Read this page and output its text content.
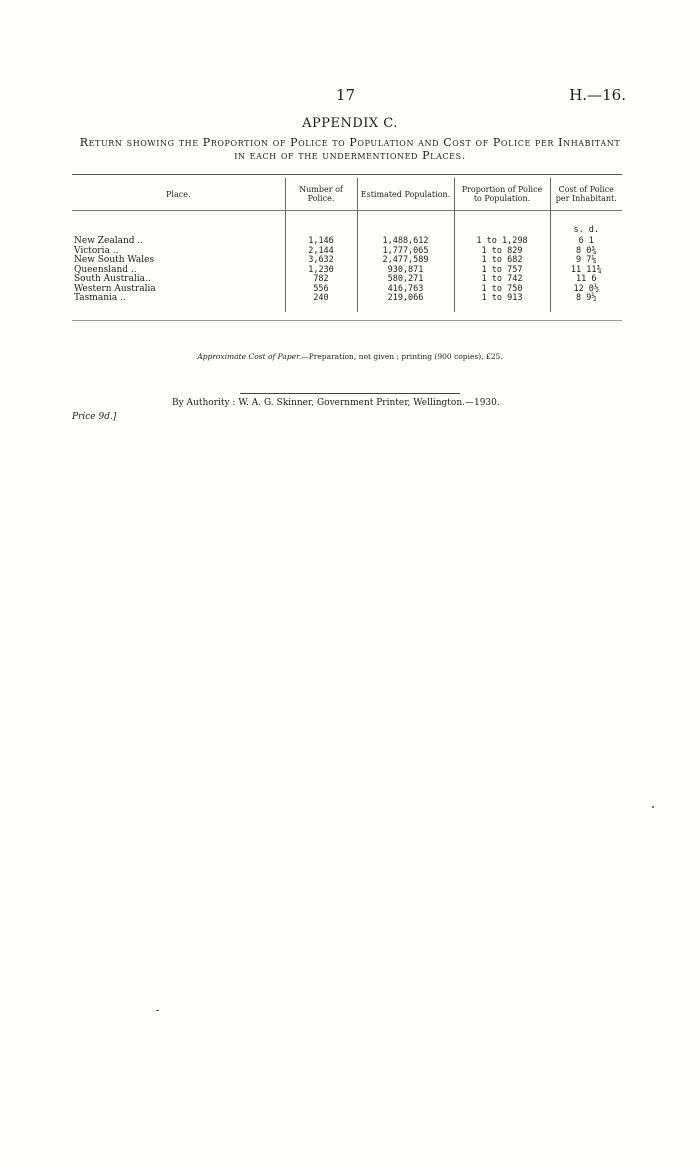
17	H.—16.
APPENDIX C.
Return showing the Proportion of Police to Population and Cost of Police per Inhabitant
in each of the undermentioned Places.
Place.	Number of Police.	Estimated Population.	Proportion of Police to Population.	Cost of Police per Inhabitant.

				s. d.
New Zealand ..	1,146	1,488,612	1 to 1,298	6 1
Victoria ..	2,144	1,777,065	1 to 829	8 0¾
New South Wales	3,632	2,477,589	1 to 682	9 7¼
Queensland ..	1,230	930,871	1 to 757	11 11¾
South Australia..	782	580,271	1 to 742	11 6
Western Australia	556	416,763	1 to 750	12 0½
Tasmania ..	240	219,066	1 to 913	8 9½

Approximate Cost of Paper.—Preparation, not given ; printing (900 copies), £25.
By Authority : W. A. G. Skinner, Government Printer, Wellington.—1930.
Price 9d.]
